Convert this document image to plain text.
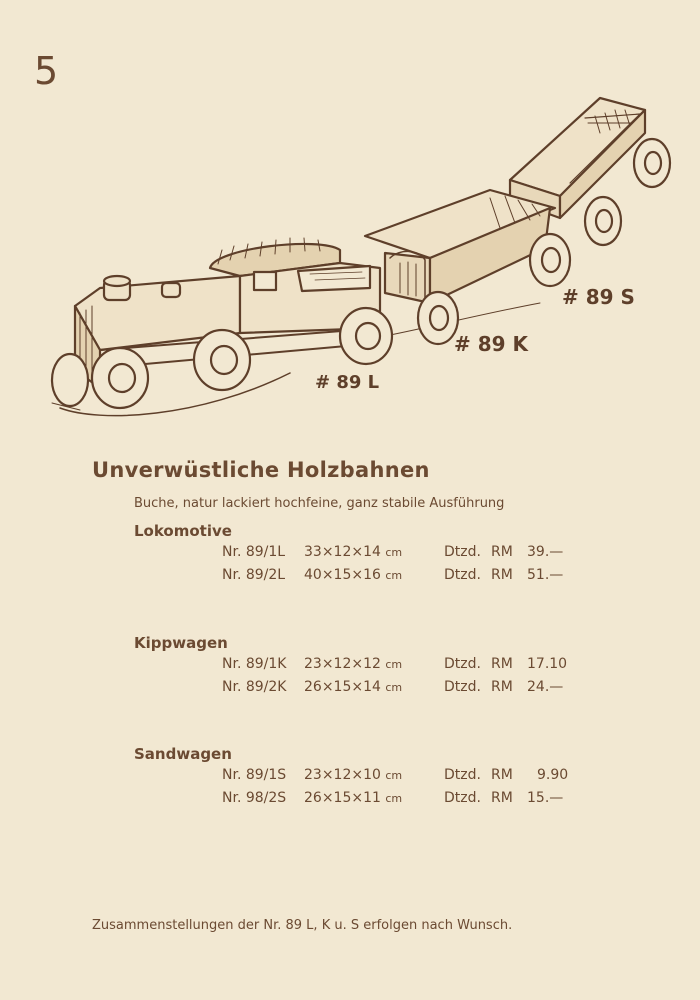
5
# 89 L
# 89 K
# 89 S
Unverwüstliche Holzbahnen
Buche, natur lackiert hochfeine, ganz stabile Ausführung
Lokomotive
Nr. 89/1L 33×12×14 cm	Dtzd. RM 39.—
Nr. 89/2L 40×15×16 cm	Dtzd. RM 51.—
Kippwagen
Nr. 89/1K 23×12×12 cm	Dtzd. RM 17.10
Nr. 89/2K 26×15×14 cm	Dtzd. RM 24.—
Sandwagen
Nr. 89/1S 23×12×10 cm	Dtzd. RM 9.90
Nr. 98/2S 26×15×11 cm	Dtzd. RM 15.—
Zusammenstellungen der Nr. 89 L, K u. S erfolgen nach Wunsch.
